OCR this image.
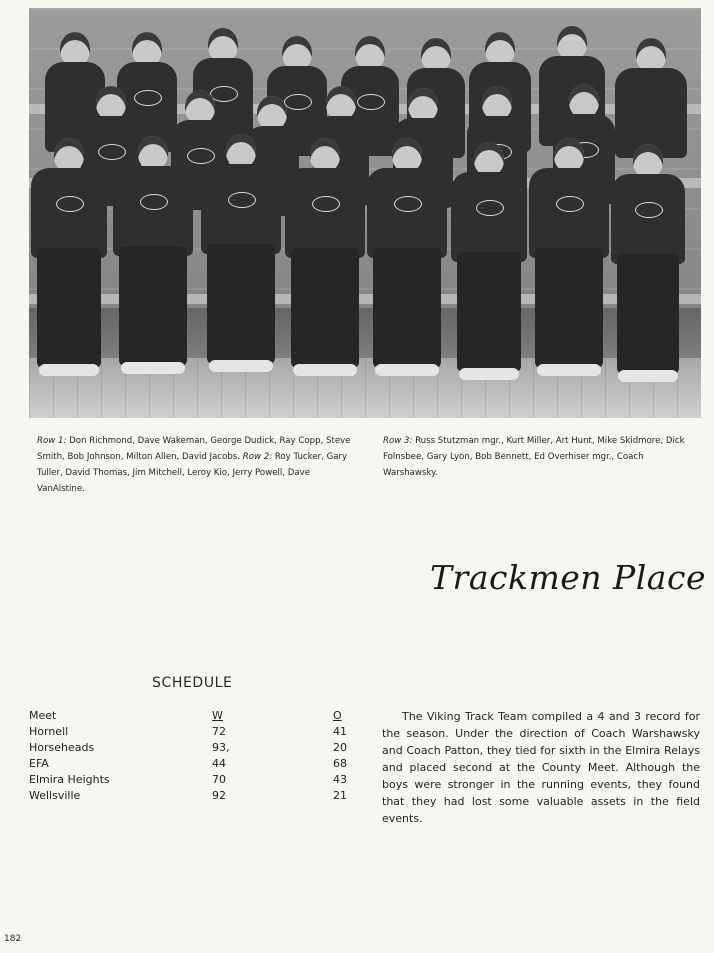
Row 1: Don Richmond, Dave Wakeman, George Dudick, Ray Copp, Steve Smith, Bob Johnson, Milton Allen, David Jacobs. Row 2: Roy Tucker, Gary Tuller, David Thomas, Jim Mitchell, Leroy Kio, Jerry Powell, Dave VanAlstine.
Row 3: Russ Stutzman mgr., Kurt Miller, Art Hunt, Mike Skidmore, Dick Folnsbee, Gary Lyon, Bob Bennett, Ed Overhiser mgr., Coach Warshawsky.
Trackmen Place
SCHEDULE
Meet	W	O
Hornell	72	41
Horseheads	93,	20
EFA	44	68
Elmira Heights	70	43
Wellsville	92	21
The Viking Track Team compiled a 4 and 3 record for the season. Under the direction of Coach Warshawsky and Coach Patton, they tied for sixth in the Elmira Relays and placed second at the County Meet. Although the boys were stronger in the running events, they found that they had lost some valuable assets in the field events.
182
